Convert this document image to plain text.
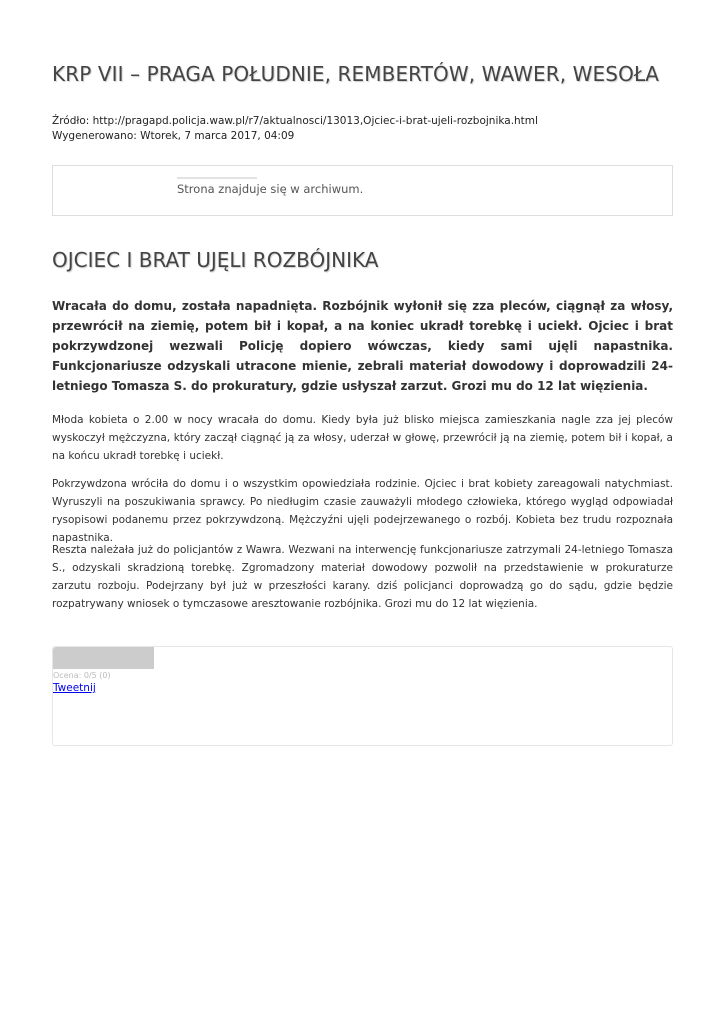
KRP VII – PRAGA POŁUDNIE, REMBERTÓW, WAWER, WESOŁA
Źródło: http://pragapd.policja.waw.pl/r7/aktualnosci/13013,Ojciec-i-brat-ujeli-rozbojnika.html
Wygenerowano: Wtorek, 7 marca 2017, 04:09
Strona znajduje się w archiwum.
OJCIEC I BRAT UJĘLI ROZBÓJNIKA

Wracała do domu, została napadnięta. Rozbójnik wyłonił się zza pleców, ciągnął za włosy, przewrócił na ziemię, potem bił i kopał, a na koniec ukradł torebkę i uciekł. Ojciec i brat pokrzywdzonej wezwali Policję dopiero wówczas, kiedy sami ujęli napastnika. Funkcjonariusze odzyskali utracone mienie, zebrali materiał dowodowy i doprowadzili 24-letniego Tomasza S. do prokuratury, gdzie usłyszał zarzut. Grozi mu do 12 lat więzienia.

Młoda kobieta o 2.00 w nocy wracała do domu. Kiedy była już blisko miejsca zamieszkania nagle zza jej pleców wyskoczył mężczyzna, który zaczął ciągnąć ją za włosy, uderzał w głowę, przewrócił ją na ziemię, potem bił i kopał, a na końcu ukradł torebkę i uciekł.

Pokrzywdzona wróciła do domu i o wszystkim opowiedziała rodzinie. Ojciec i brat kobiety zareagowali natychmiast. Wyruszyli na poszukiwania sprawcy. Po niedługim czasie zauważyli młodego człowieka, którego wygląd odpowiadał rysopisowi podanemu przez pokrzywdzoną. Mężczyźni ujęli podejrzewanego o rozbój. Kobieta bez trudu rozpoznała napastnika.

Reszta należała już do policjantów z Wawra. Wezwani na interwencję funkcjonariusze zatrzymali 24-letniego Tomasza S., odzyskali skradzioną torebkę. Zgromadzony materiał dowodowy pozwolił na przedstawienie w prokuraturze zarzutu rozboju. Podejrzany był już w przeszłości karany. dziś policjanci doprowadzą go do sądu, gdzie będzie rozpatrywany wniosek o tymczasowe aresztowanie rozbójnika. Grozi mu do 12 lat więzienia.

Ocena: 0/5 (0)
Tweetnij
